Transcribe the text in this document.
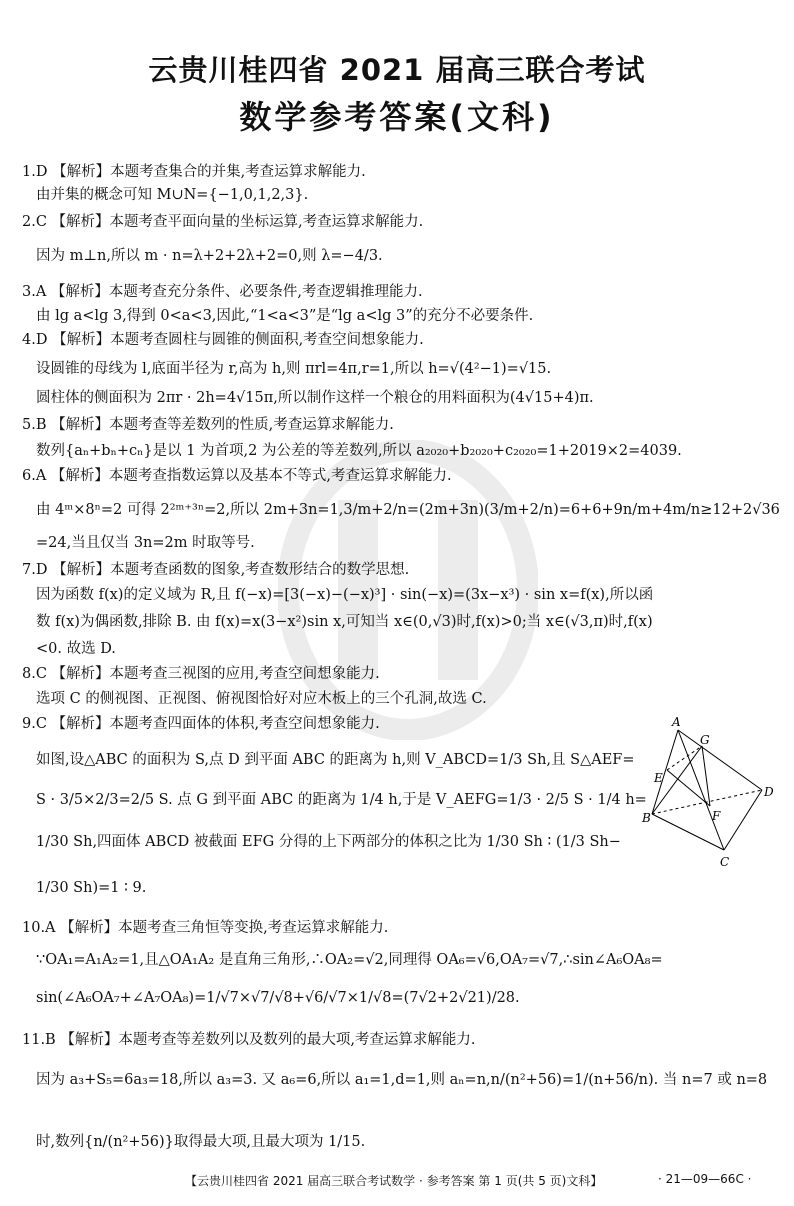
云贵川桂四省 2021 届高三联合考试
数学参考答案(文科)
1.D 【解析】本题考查集合的并集,考查运算求解能力.
由并集的概念可知 M∪N={−1,0,1,2,3}.
2.C 【解析】本题考查平面向量的坐标运算,考查运算求解能力.
因为 m⊥n,所以 m · n=λ+2+2λ+2=0,则 λ=−4/3.
3.A 【解析】本题考查充分条件、必要条件,考查逻辑推理能力.
由 lg a<lg 3,得到 0<a<3,因此,“1<a<3”是“lg a<lg 3”的充分不必要条件.
4.D 【解析】本题考查圆柱与圆锥的侧面积,考查空间想象能力.
设圆锥的母线为 l,底面半径为 r,高为 h,则 πrl=4π,r=1,所以 h=√(4²−1)=√15.
圆柱体的侧面积为 2πr · 2h=4√15π,所以制作这样一个粮仓的用料面积为(4√15+4)π.
5.B 【解析】本题考查等差数列的性质,考查运算求解能力.
数列{aₙ+bₙ+cₙ}是以 1 为首项,2 为公差的等差数列,所以 a₂₀₂₀+b₂₀₂₀+c₂₀₂₀=1+2019×2=4039.
6.A 【解析】本题考查指数运算以及基本不等式,考查运算求解能力.
由 4ᵐ×8ⁿ=2 可得 2²ᵐ⁺³ⁿ=2,所以 2m+3n=1,3/m+2/n=(2m+3n)(3/m+2/n)=6+6+9n/m+4m/n≥12+2√36
=24,当且仅当 3n=2m 时取等号.
7.D 【解析】本题考查函数的图象,考查数形结合的数学思想.
因为函数 f(x)的定义域为 R,且 f(−x)=[3(−x)−(−x)³] · sin(−x)=(3x−x³) · sin x=f(x),所以函
数 f(x)为偶函数,排除 B. 由 f(x)=x(3−x²)sin x,可知当 x∈(0,√3)时,f(x)>0;当 x∈(√3,π)时,f(x)
<0. 故选 D.
8.C 【解析】本题考查三视图的应用,考查空间想象能力.
选项 C 的侧视图、正视图、俯视图恰好对应木板上的三个孔洞,故选 C.
9.C 【解析】本题考查四面体的体积,考查空间想象能力.
如图,设△ABC 的面积为 S,点 D 到平面 ABC 的距离为 h,则 V_ABCD=1/3 Sh,且 S△AEF=
S · 3/5×2/3=2/5 S. 点 G 到平面 ABC 的距离为 1/4 h,于是 V_AEFG=1/3 · 2/5 S · 1/4 h=
1/30 Sh,四面体 ABCD 被截面 EFG 分得的上下两部分的体积之比为 1/30 Sh ∶ (1/3 Sh−
1/30 Sh)=1 ∶ 9.
A
G
E
D
B	F
C
10.A 【解析】本题考查三角恒等变换,考查运算求解能力.
∵OA₁=A₁A₂=1,且△OA₁A₂ 是直角三角形,∴OA₂=√2,同理得 OA₆=√6,OA₇=√7,∴sin∠A₆OA₈=
sin(∠A₆OA₇+∠A₇OA₈)=1/√7×√7/√8+√6/√7×1/√8=(7√2+2√21)/28.
11.B 【解析】本题考查等差数列以及数列的最大项,考查运算求解能力.
因为 a₃+S₅=6a₃=18,所以 a₃=3. 又 a₆=6,所以 a₁=1,d=1,则 aₙ=n,n/(n²+56)=1/(n+56/n). 当 n=7 或 n=8
时,数列{n/(n²+56)}取得最大项,且最大项为 1/15.
【云贵川桂四省 2021 届高三联合考试数学 · 参考答案 第 1 页(共 5 页)文科】	· 21—09—66C ·
